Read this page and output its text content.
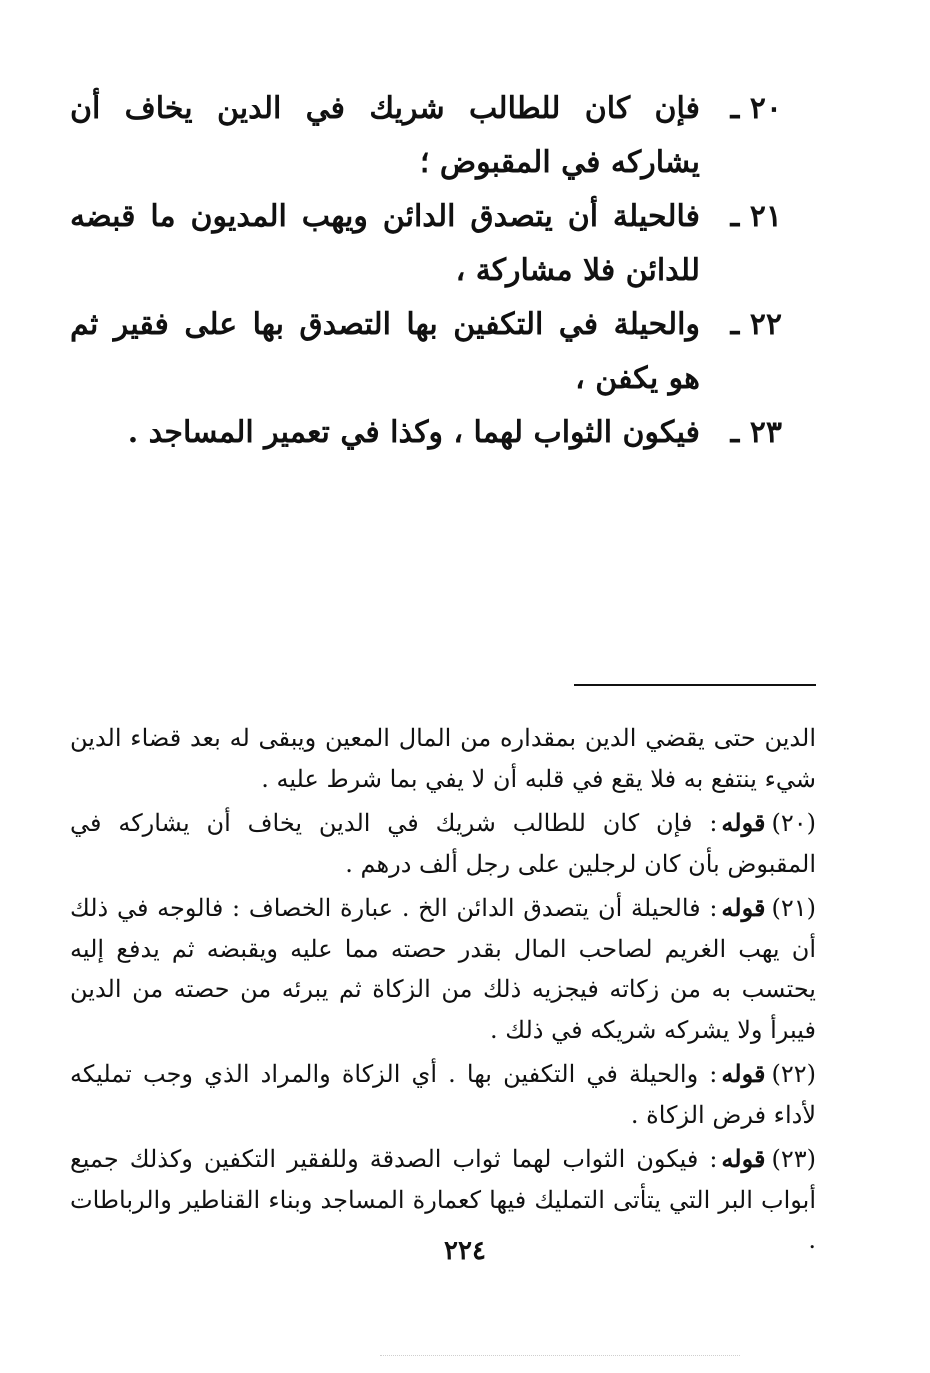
٢٠ ـ
فإن كان للطالب شريك في الدين يخاف أن يشاركه في المقبوض ؛
٢١ ـ
فالحيلة أن يتصدق الدائن ويهب المديون ما قبضه للدائن فلا مشاركة ،
٢٢ ـ
والحيلة في التكفين بها التصدق بها على فقير ثم هو يكفن ،
٢٣ ـ
فيكون الثواب لهما ، وكذا في تعمير المساجد .

الدين حتى يقضي الدين بمقداره من المال المعين ويبقى له بعد قضاء الدين شيء ينتفع به فلا يقع في قلبه أن لا يفي بما شرط عليه .

(٢٠)قوله: فإن كان للطالب شريك في الدين يخاف أن يشاركه في المقبوض بأن كان لرجلين على رجل ألف درهم .

(٢١)قوله: فالحيلة أن يتصدق الدائن الخ . عبارة الخصاف : فالوجه في ذلك أن يهب الغريم لصاحب المال بقدر حصته مما عليه ويقبضه ثم يدفع إليه يحتسب به من زكاته فيجزيه ذلك من الزكاة ثم يبرئه من حصته من الدين فيبرأ ولا يشركه شريكه في ذلك .

(٢٢)قوله: والحيلة في التكفين بها . أي الزكاة والمراد الذي وجب تمليكه لأداء فرض الزكاة .

(٢٣)قوله: فيكون الثواب لهما ثواب الصدقة وللفقير التكفين وكذلك جميع أبواب البر التي يتأتى التمليك فيها كعمارة المساجد وبناء القناطير والرباطات .

٢٢٤
